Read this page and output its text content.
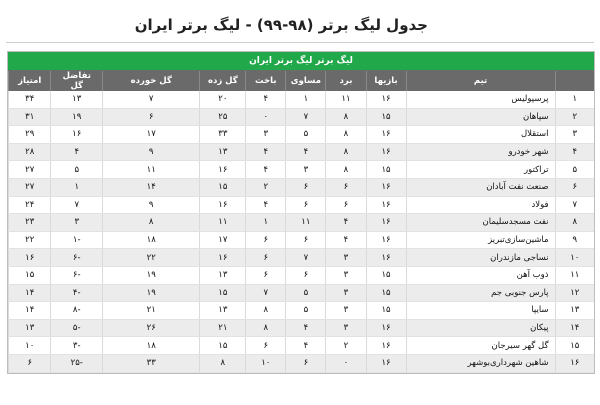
جدول لیگ برتر (۹۸-۹۹) - لیگ برتر ایران
لیگ برتر لیگ برتر ایران
	تیم	بازیها	برد	مساوی	باخت	گل زده	گل خورده	تفاضل گل	امتیاز
۱	پرسپولیس	۱۶	۱۱	۱	۴	۲۰	۷	۱۳	۳۴
۲	سپاهان	۱۵	۸	۷	۰	۲۵	۶	۱۹	۳۱
۳	استقلال	۱۶	۸	۵	۳	۳۳	۱۷	۱۶	۲۹
۴	شهر خودرو	۱۶	۸	۴	۴	۱۳	۹	۴	۲۸
۵	تراکتور	۱۵	۸	۳	۴	۱۶	۱۱	۵	۲۷
۶	صنعت نفت آبادان	۱۶	۶	۶	۲	۱۵	۱۴	۱	۲۷
۷	فولاد	۱۶	۶	۶	۴	۱۶	۹	۷	۲۴
۸	نفت مسجدسلیمان	۱۶	۴	۱۱	۱	۱۱	۸	۳	۲۳
۹	ماشین‌سازی‌تبریز	۱۶	۴	۶	۶	۱۷	۱۸	-۱	۲۲
۱۰	نساجی مازندران	۱۶	۳	۷	۶	۱۶	۲۲	-۶	۱۶
۱۱	ذوب آهن	۱۵	۳	۶	۶	۱۳	۱۹	-۶	۱۵
۱۲	پارس جنوبی جم	۱۵	۳	۵	۷	۱۵	۱۹	-۴	۱۴
۱۳	سایپا	۱۵	۳	۵	۸	۱۳	۲۱	-۸	۱۴
۱۴	پیکان	۱۶	۳	۴	۸	۲۱	۲۶	-۵	۱۳
۱۵	گل گهر سیرجان	۱۶	۲	۴	۶	۱۵	۱۸	-۳	۱۰
۱۶	شاهین شهرداری‌بوشهر	۱۶	۰	۶	۱۰	۸	۳۳	-۲۵	۶
